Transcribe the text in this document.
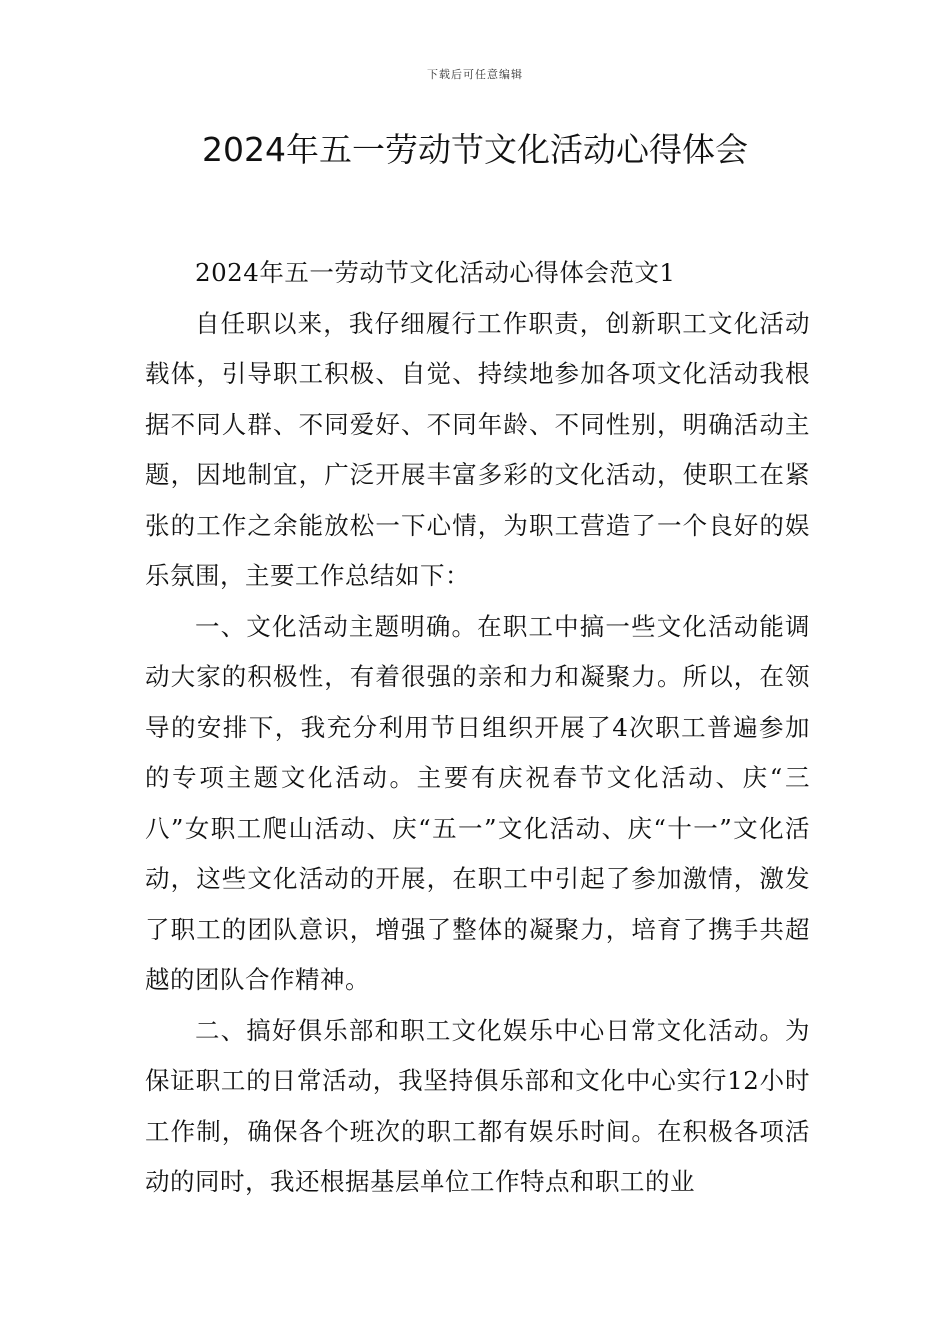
下载后可任意编辑
2024年五一劳动节文化活动心得体会

2024年五一劳动节文化活动心得体会范文1

自任职以来，我仔细履行工作职责，创新职工文化活动载体，引导职工积极、自觉、持续地参加各项文化活动我根据不同人群、不同爱好、不同年龄、不同性别，明确活动主题，因地制宜，广泛开展丰富多彩的文化活动，使职工在紧张的工作之余能放松一下心情，为职工营造了一个良好的娱乐氛围，主要工作总结如下：

一、文化活动主题明确。在职工中搞一些文化活动能调动大家的积极性，有着很强的亲和力和凝聚力。所以，在领导的安排下，我充分利用节日组织开展了4次职工普遍参加的专项主题文化活动。主要有庆祝春节文化活动、庆“三八”女职工爬山活动、庆“五一”文化活动、庆“十一”文化活动，这些文化活动的开展，在职工中引起了参加激情，激发了职工的团队意识，增强了整体的凝聚力，培育了携手共超越的团队合作精神。

二、搞好俱乐部和职工文化娱乐中心日常文化活动。为保证职工的日常活动，我坚持俱乐部和文化中心实行12小时工作制，确保各个班次的职工都有娱乐时间。在积极各项活动的同时，我还根据基层单位工作特点和职工的业
